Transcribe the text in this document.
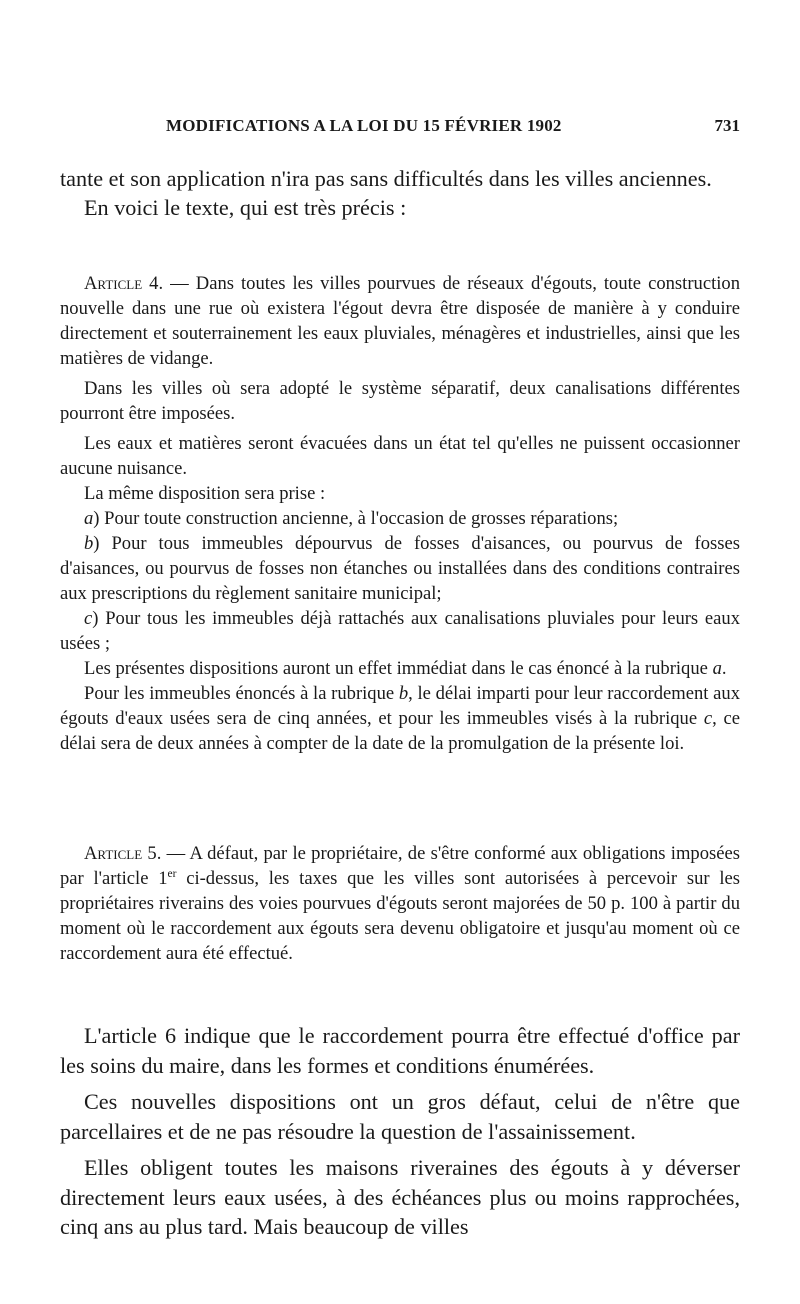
MODIFICATIONS A LA LOI DU 15 FÉVRIER 1902	731

tante et son application n'ira pas sans difficultés dans les villes anciennes.

En voici le texte, qui est très précis :

Article 4. — Dans toutes les villes pourvues de réseaux d'égouts, toute construction nouvelle dans une rue où existera l'égout devra être disposée de manière à y conduire directement et souterrainement les eaux pluviales, ménagères et industrielles, ainsi que les matières de vidange.

Dans les villes où sera adopté le système séparatif, deux canalisations différentes pourront être imposées.

Les eaux et matières seront évacuées dans un état tel qu'elles ne puissent occasionner aucune nuisance.

La même disposition sera prise :

a) Pour toute construction ancienne, à l'occasion de grosses réparations;

b) Pour tous immeubles dépourvus de fosses d'aisances, ou pourvus de fosses d'aisances, ou pourvus de fosses non étanches ou installées dans des conditions contraires aux prescriptions du règlement sanitaire municipal;

c) Pour tous les immeubles déjà rattachés aux canalisations pluviales pour leurs eaux usées ;

Les présentes dispositions auront un effet immédiat dans le cas énoncé à la rubrique a.

Pour les immeubles énoncés à la rubrique b, le délai imparti pour leur raccordement aux égouts d'eaux usées sera de cinq années, et pour les immeubles visés à la rubrique c, ce délai sera de deux années à compter de la date de la promulgation de la présente loi.

Article 5. — A défaut, par le propriétaire, de s'être conformé aux obligations imposées par l'article 1er ci-dessus, les taxes que les villes sont autorisées à percevoir sur les propriétaires riverains des voies pourvues d'égouts seront majorées de 50 p. 100 à partir du moment où le raccordement aux égouts sera devenu obligatoire et jusqu'au moment où ce raccordement aura été effectué.

L'article 6 indique que le raccordement pourra être effectué d'office par les soins du maire, dans les formes et conditions énumérées.

Ces nouvelles dispositions ont un gros défaut, celui de n'être que parcellaires et de ne pas résoudre la question de l'assainissement.

Elles obligent toutes les maisons riveraines des égouts à y déverser directement leurs eaux usées, à des échéances plus ou moins rapprochées, cinq ans au plus tard. Mais beaucoup de villes
